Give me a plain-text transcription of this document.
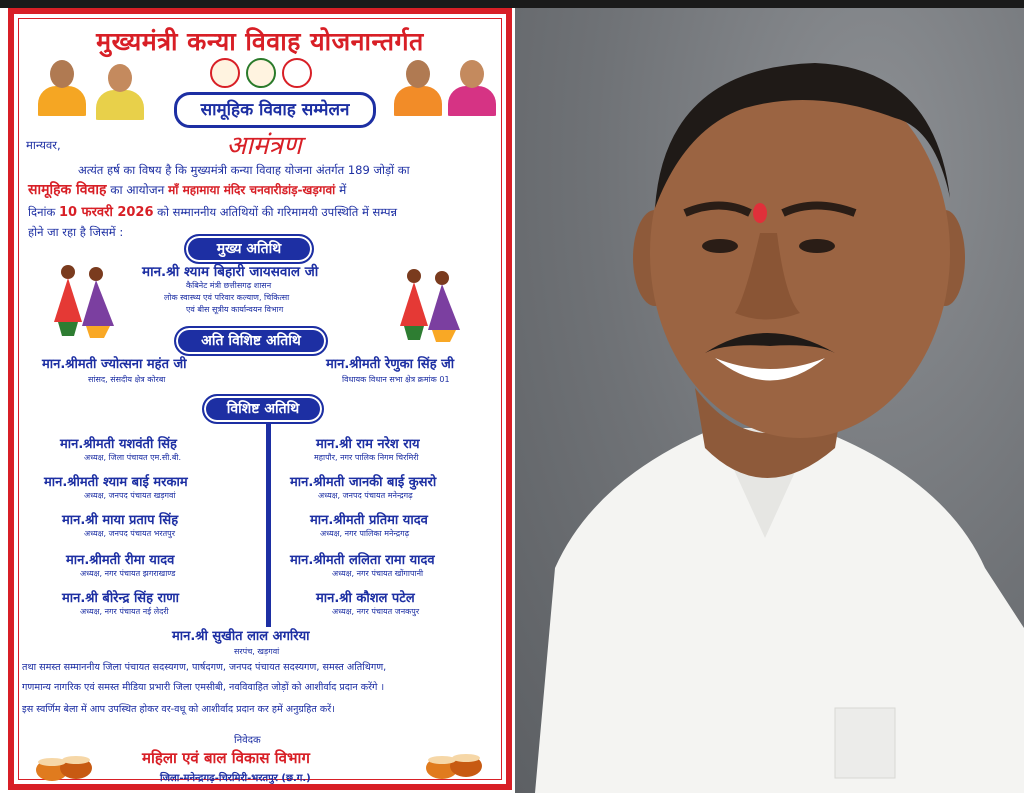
मुख्यमंत्री कन्या विवाह योजनान्तर्गत
सामूहिक विवाह सम्मेलन
आमंत्रण
मान्यवर,
अत्यंत हर्ष का विषय है कि मुख्यमंत्री कन्या विवाह योजना अंतर्गत 189 जोड़ों का
सामूहिक विवाह का आयोजन माँ महामाया मंदिर चनवारीडांड़-खड़गवां में
दिनांक 10 फरवरी 2026 को सम्माननीय अतिथियों की गरिमामयी उपस्थिति में सम्पन्न
होने जा रहा है जिसमें :
मुख्य अतिथि
मान.श्री श्याम बिहारी जायसवाल जी
कैबिनेट मंत्री छत्तीसगढ़ शासन
लोक स्वास्थ्य एवं परिवार कल्याण, चिकित्सा
एवं बीस सूत्रीय कार्यान्वयन विभाग
अति विशिष्ट अतिथि
मान.श्रीमती ज्योत्सना महंत जी
सांसद, संसदीय क्षेत्र कोरबा
मान.श्रीमती रेणुका सिंह जी
विधायक विधान सभा क्षेत्र क्रमांक 01
विशिष्ट अतिथि
मान.श्रीमती यशवंती सिंह
अध्यक्ष, जिला पंचायत एम.सी.बी.
मान.श्रीमती श्याम बाई मरकाम
अध्यक्ष, जनपद पंचायत खड़गवां
मान.श्री माया प्रताप सिंह
अध्यक्ष, जनपद पंचायत भरतपुर
मान.श्रीमती रीमा यादव
अध्यक्ष, नगर पंचायत झगराखाण्ड
मान.श्री बीरेन्द्र सिंह राणा
अध्यक्ष, नगर पंचायत नई लेदरी
मान.श्री राम नरेश राय
महापौर, नगर पालिक निगम चिरमिरी
मान.श्रीमती जानकी बाई कुसरो
अध्यक्ष, जनपद पंचायत मनेन्द्रगढ़
मान.श्रीमती प्रतिमा यादव
अध्यक्ष, नगर पालिका मनेन्द्रगढ़
मान.श्रीमती ललिता रामा यादव
अध्यक्ष, नगर पंचायत खोंगापानी
मान.श्री कौशल पटेल
अध्यक्ष, नगर पंचायत जनकपुर
मान.श्री सुखीत लाल अगरिया
सरपंच, खड़गवां
तथा समस्त सम्माननीय जिला पंचायत सदस्यगण, पार्षदगण, जनपद पंचायत सदस्यगण, समस्त अतिथिगण,
गणमान्य नागरिक एवं समस्त मीडिया प्रभारी जिला एमसीबी, नवविवाहित जोड़ों को आशीर्वाद प्रदान करेंगे ।
इस स्वर्णिम बेला में आप उपस्थित होकर वर-वधू को आशीर्वाद प्रदान कर हमें अनुग्रहित करें।
निवेदक
महिला एवं बाल विकास विभाग
जिला-मनेन्द्रगढ़-चिरमिरी-भरतपुर (छ.ग.)
